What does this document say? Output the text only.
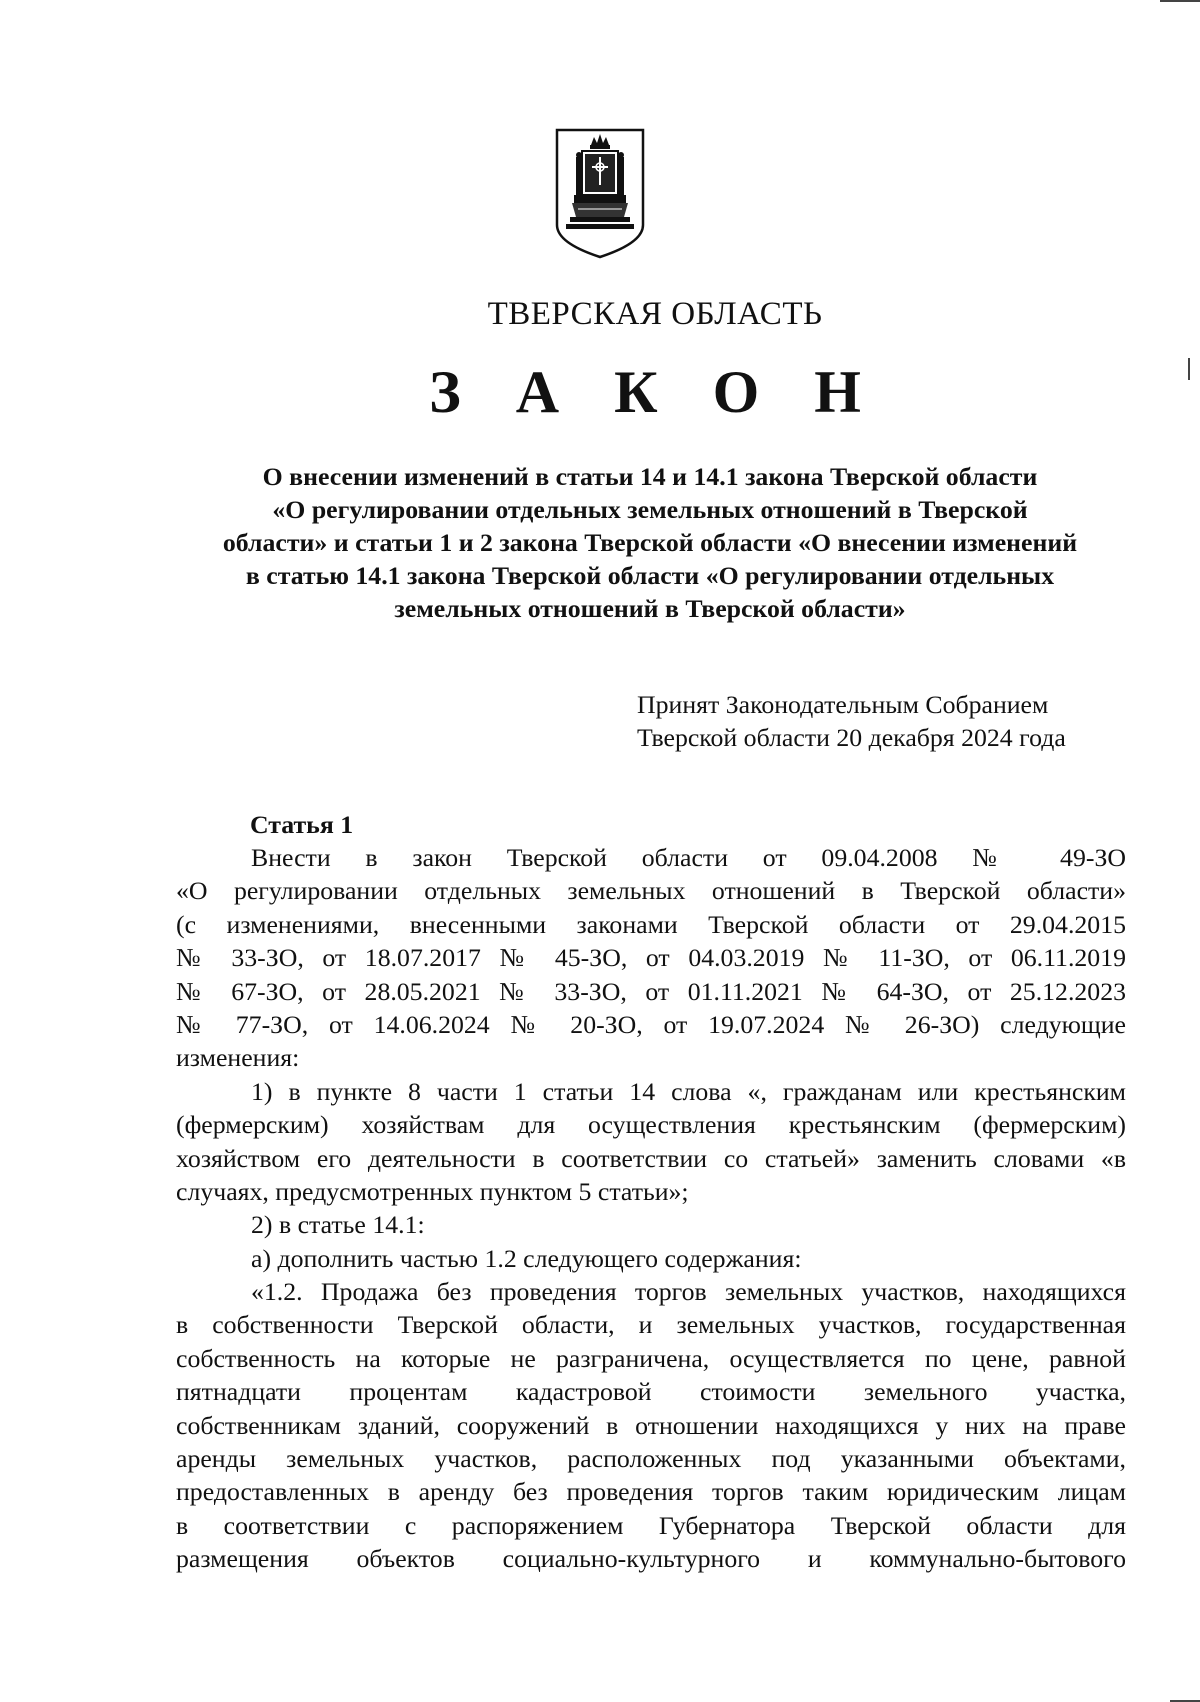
ТВЕРСКАЯ ОБЛАСТЬ
З А К О Н
О внесении изменений в статьи 14 и 14.1 закона Тверской области
«О регулировании отдельных земельных отношений в Тверской
области» и статьи 1 и 2 закона Тверской области «О внесении изменений
в статью 14.1 закона Тверской области «О регулировании отдельных
земельных отношений в Тверской области»
Принят Законодательным Собранием
Тверской области 20 декабря 2024 года
Статья 1
Внести в закон Тверской области от 09.04.2008 № 49-ЗО
«О регулировании отдельных земельных отношений в Тверской области»
(с изменениями, внесенными законами Тверской области от 29.04.2015
№ 33-ЗО, от 18.07.2017 № 45-ЗО, от 04.03.2019 № 11-ЗО, от 06.11.2019
№ 67-ЗО, от 28.05.2021 № 33-ЗО, от 01.11.2021 № 64-ЗО, от 25.12.2023
№ 77-ЗО, от 14.06.2024 № 20-ЗО, от 19.07.2024 № 26-ЗО) следующие
изменения:
1) в пункте 8 части 1 статьи 14 слова «, гражданам или крестьянским
(фермерским) хозяйствам для осуществления крестьянским (фермерским)
хозяйством его деятельности в соответствии со статьей» заменить словами «в
случаях, предусмотренных пунктом 5 статьи»;
2) в статье 14.1:
а) дополнить частью 1.2 следующего содержания:
«1.2. Продажа без проведения торгов земельных участков, находящихся
в собственности Тверской области, и земельных участков, государственная
собственность на которые не разграничена, осуществляется по цене, равной
пятнадцати процентам кадастровой стоимости земельного участка,
собственникам зданий, сооружений в отношении находящихся у них на праве
аренды земельных участков, расположенных под указанными объектами,
предоставленных в аренду без проведения торгов таким юридическим лицам
в соответствии с распоряжением Губернатора Тверской области для
размещения объектов социально-культурного и коммунально-бытового
